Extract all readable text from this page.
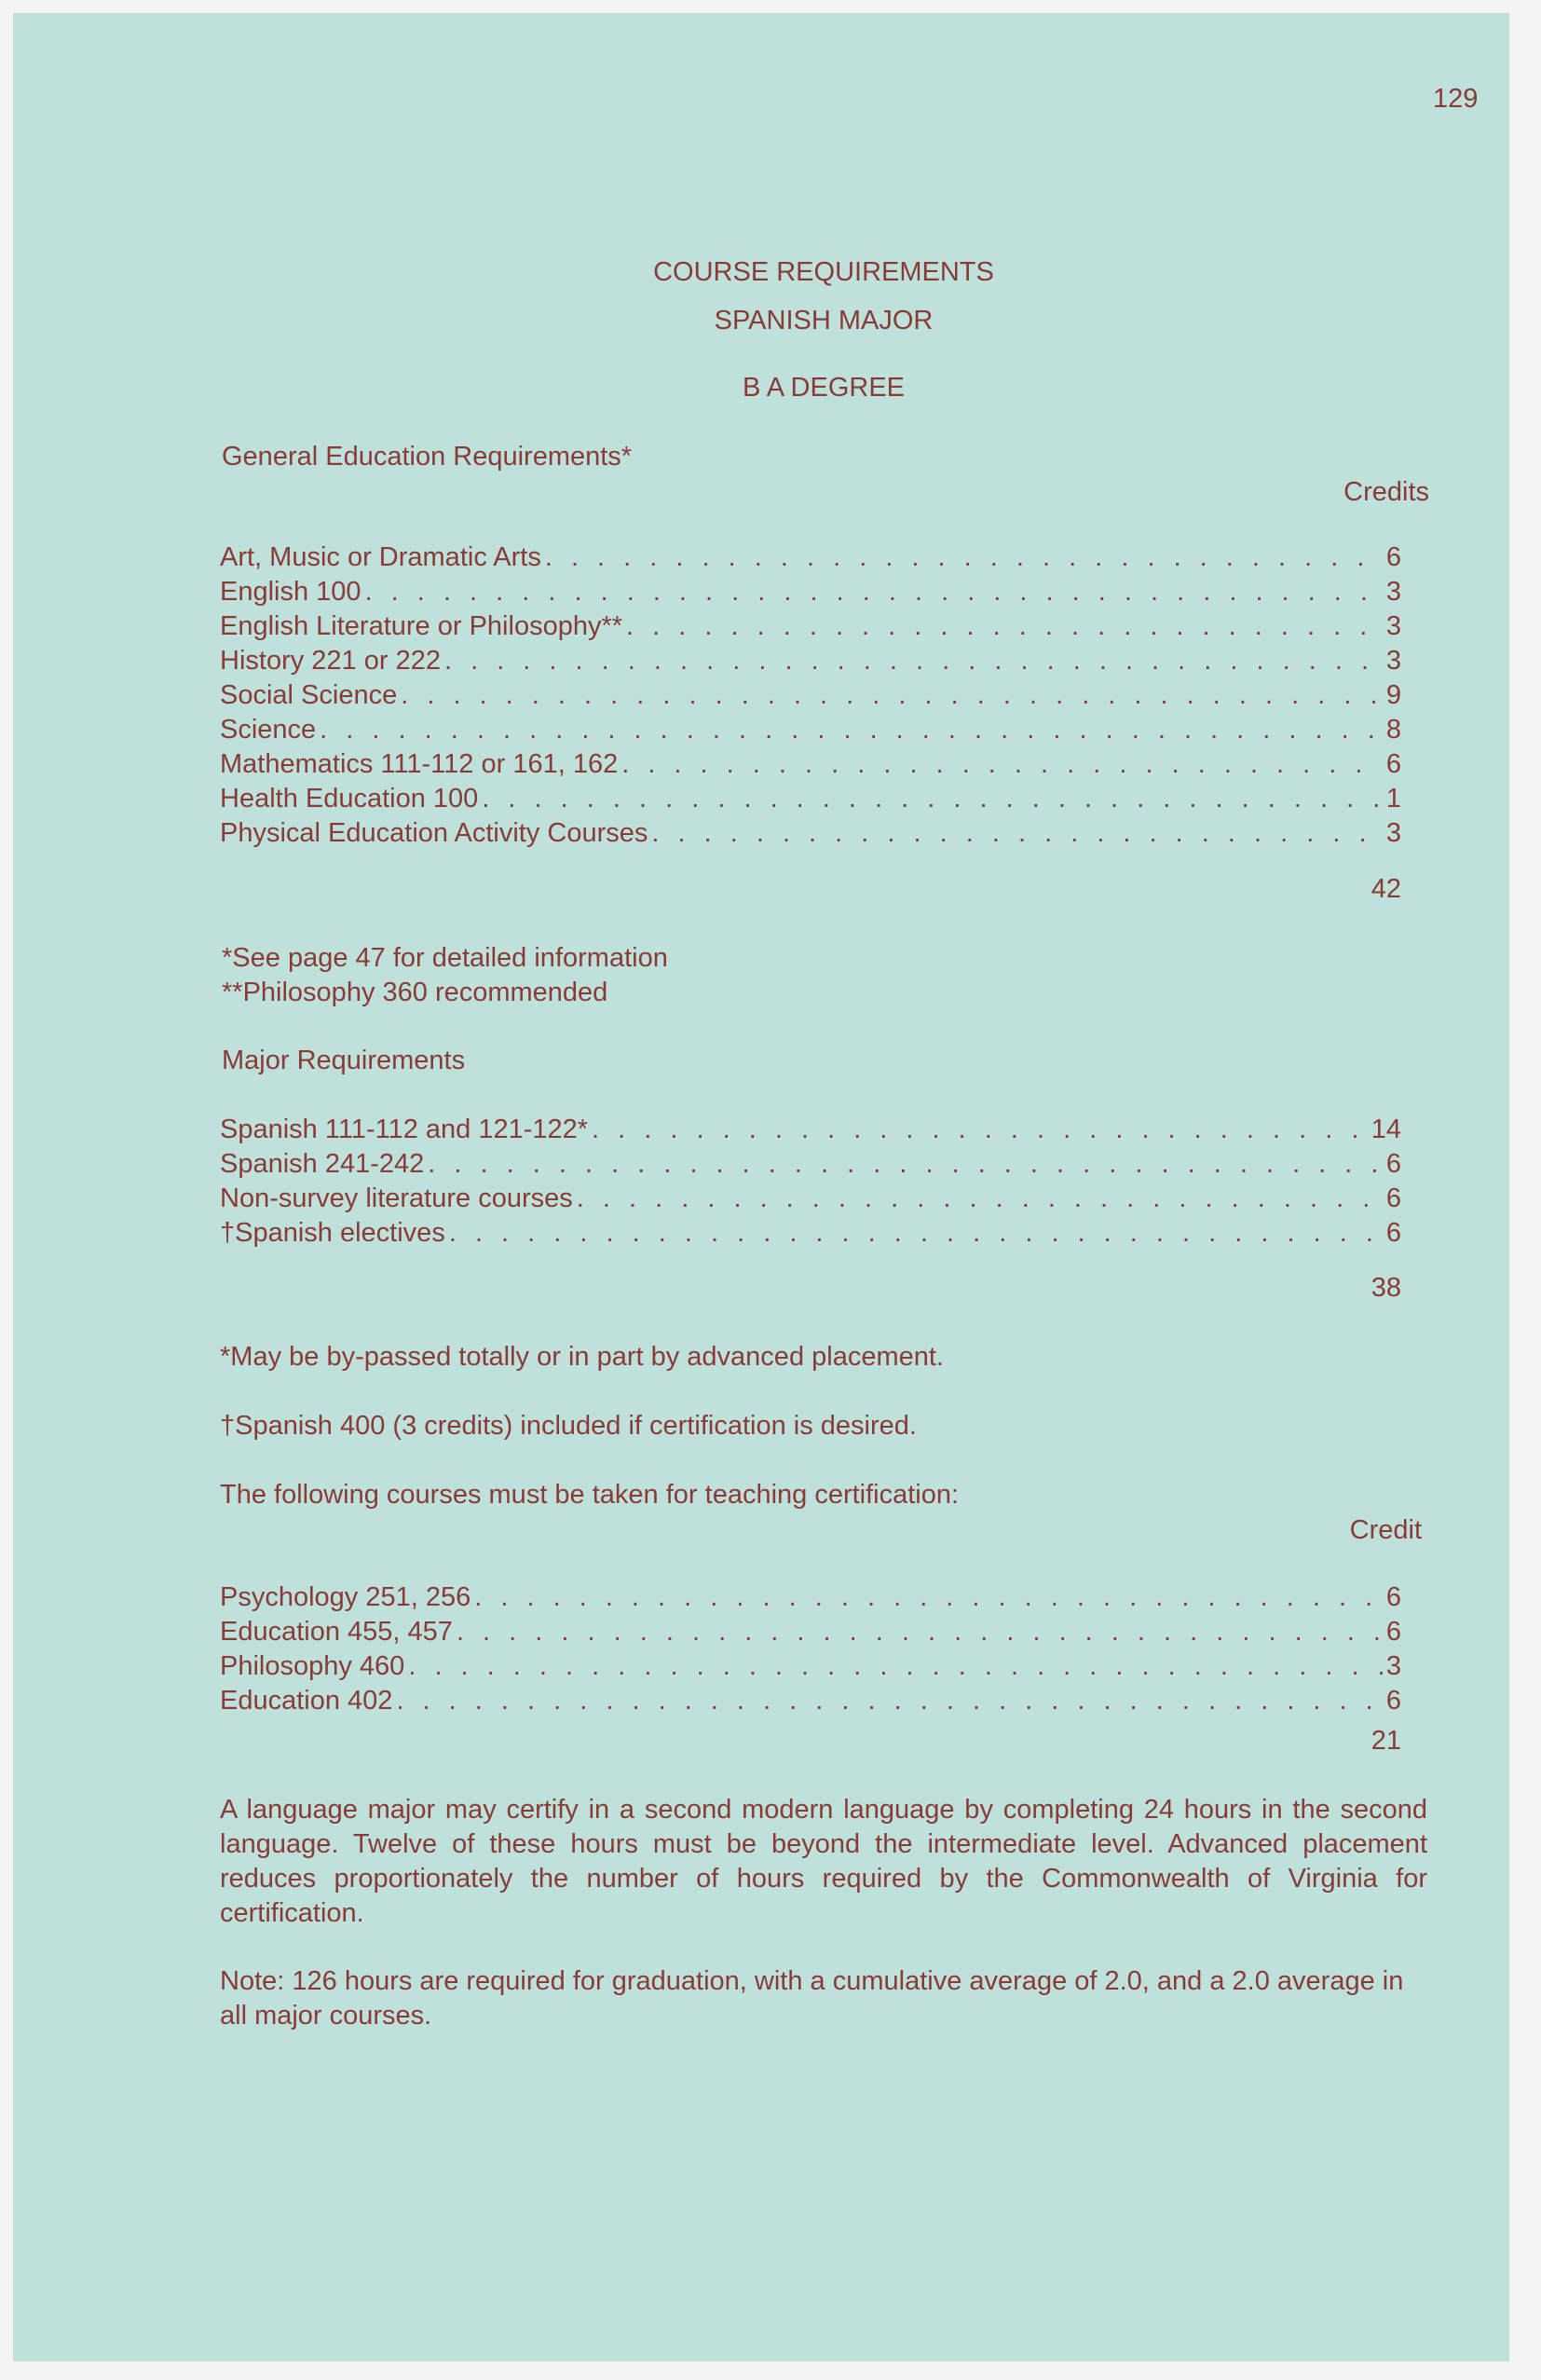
129
COURSE REQUIREMENTS
SPANISH MAJOR
B A DEGREE
General Education Requirements*
Credits
Art, Music or Dramatic Arts . . .	6
English 100 . . .	3
English Literature or Philosophy** . . .	3
History 221 or 222 . . .	3
Social Science . . .	9
Science . . .	8
Mathematics 111-112 or 161, 162 . . .	6
Health Education 100 . . .	1
Physical Education Activity Courses . . .	3
42
*See page 47 for detailed information
**Philosophy 360 recommended
Major Requirements
Spanish 111-112 and 121-122* . . .	14
Spanish 241-242 . . .	6
Non-survey literature courses . . .	6
†Spanish electives . . .	6
38
*May be by-passed totally or in part by advanced placement.
†Spanish 400 (3 credits) included if certification is desired.
The following courses must be taken for teaching certification:
Credit
Psychology 251, 256 . . .	6
Education 455, 457 . . .	6
Philosophy 460 . . .	3
Education 402 . . .	6
21
A language major may certify in a second modern language by completing 24 hours in the second language. Twelve of these hours must be beyond the intermediate level. Advanced placement reduces proportionately the number of hours required by the Commonwealth of Virginia for certification.
Note: 126 hours are required for graduation, with a cumulative average of 2.0, and a 2.0 average in all major courses.
